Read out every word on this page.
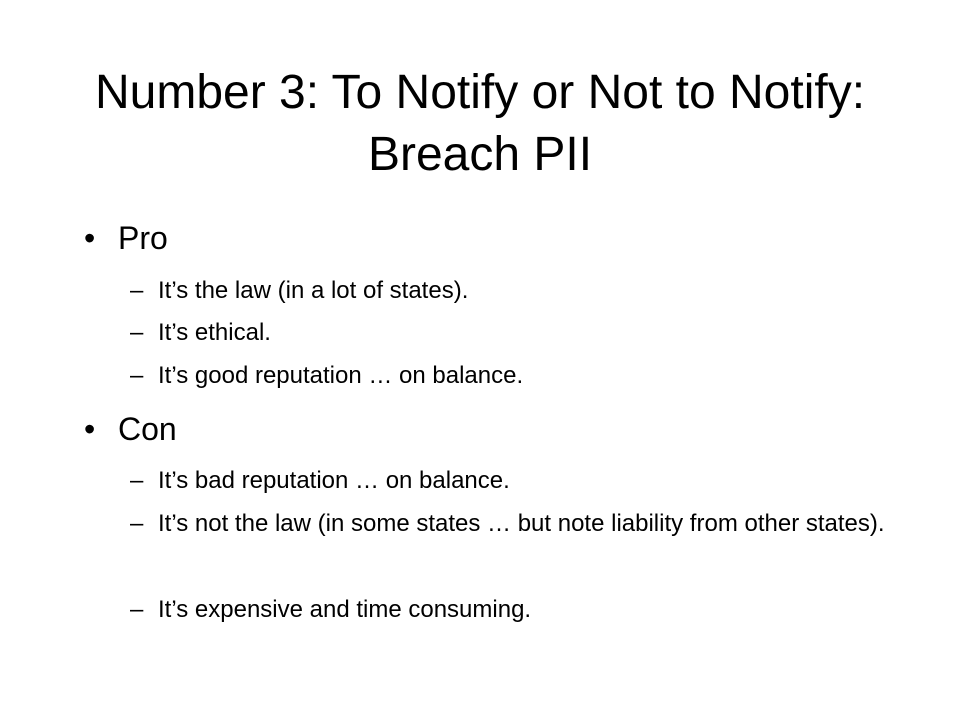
Number 3: To Notify or Not to Notify: Breach PII
• Pro
– It’s the law (in a lot of states).
– It’s ethical.
– It’s good reputation … on balance.
• Con
– It’s bad reputation … on balance.
– It’s not the law (in some states … but note liability from other states).
– It’s expensive and time consuming.
